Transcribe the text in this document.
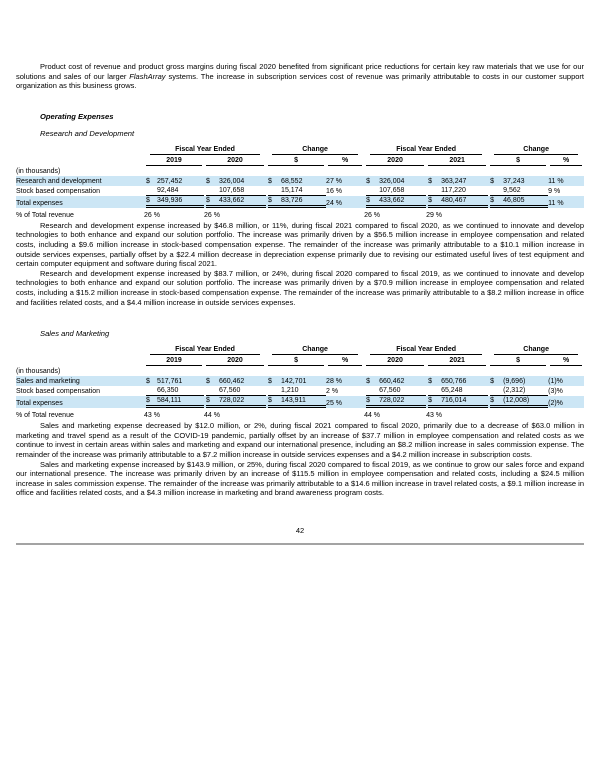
Product cost of revenue and product gross margins during fiscal 2020 benefited from significant price reductions for certain key raw materials that we use for our solutions and sales of our larger FlashArray systems. The increase in subscription services cost of revenue was primarily attributable to costs in our customer support organization as this business grows.

Operating Expenses
Research and Development

	Fiscal Year Ended				Change			Fiscal Year Ended				Change		

	2019		2020		$		%	2020		2021		$		%

(in thousands)														

Research and development	$	257,452	$	326,004	$	68,552	27 %	$	326,004	$	363,247	$	37,243	11 %

Stock based compensation		92,484		107,658		15,174	16 %		107,658		117,220		9,562	9 %

Total expenses	$	349,936	$	433,662	$	83,726	24 %	$	433,662	$	480,467	$	46,805	11 %

% of Total revenue	26 %		26 %					26 %		29 %				

Research and development expense increased by $46.8 million, or 11%, during fiscal 2021 compared to fiscal 2020, as we continued to innovate and develop technologies to both enhance and expand our solution portfolio. The increase was primarily driven by a $56.5 million increase in employee compensation and related costs, including a $9.6 million increase in stock-based compensation expense. The remainder of the increase was primarily attributable to a $10.1 million increase in outside services expenses, partially offset by a $22.4 million decrease in depreciation expense primarily due to revising our estimated useful lives of test equipment and certain computer equipment and software during fiscal 2021.

Research and development expense increased by $83.7 million, or 24%, during fiscal 2020 compared to fiscal 2019, as we continued to innovate and develop technologies to both enhance and expand our solution portfolio. The increase was primarily driven by a $70.9 million increase in employee compensation and related costs, including a $15.2 million increase in stock-based compensation expense. The remainder of the increase was primarily attributable to a $8.2 million increase in office and facilities related costs, and a $4.4 million increase in outside services expenses.

Sales and Marketing

	Fiscal Year Ended				Change			Fiscal Year Ended				Change		

	2019		2020		$		%	2020		2021		$		%

(in thousands)														

Sales and marketing	$	517,761	$	660,462	$	142,701	28 %	$	660,462	$	650,766	$	(9,696)	(1)%

Stock based compensation		66,350		67,560		1,210	2 %		67,560		65,248		(2,312)	(3)%

Total expenses	$	584,111	$	728,022	$	143,911	25 %	$	728,022	$	716,014	$	(12,008)	(2)%

% of Total revenue	43 %		44 %					44 %		43 %				

Sales and marketing expense decreased by $12.0 million, or 2%, during fiscal 2021 compared to fiscal 2020, primarily due to a decrease of $63.0 million in marketing and travel spend as a result of the COVID-19 pandemic, partially offset by an increase of $37.7 million in employee compensation and related costs as we continue to invest in certain areas within sales and marketing and expand our international presence, including an $8.2 million increase in sales commission expense. The remainder of the increase was primarily attributable to a $7.2 million increase in outside services expenses and a $4.2 million increase in subscription costs.

Sales and marketing expense increased by $143.9 million, or 25%, during fiscal 2020 compared to fiscal 2019, as we continue to grow our sales force and expand our international presence. The increase was primarily driven by an increase of $115.5 million in employee compensation and related costs, including a $24.5 million increase in sales commission expense. The remainder of the increase was primarily attributable to a $14.6 million increase in travel related costs, a $9.1 million increase in office and facilities related costs, and a $4.3 million increase in marketing and brand awareness program costs.

42
